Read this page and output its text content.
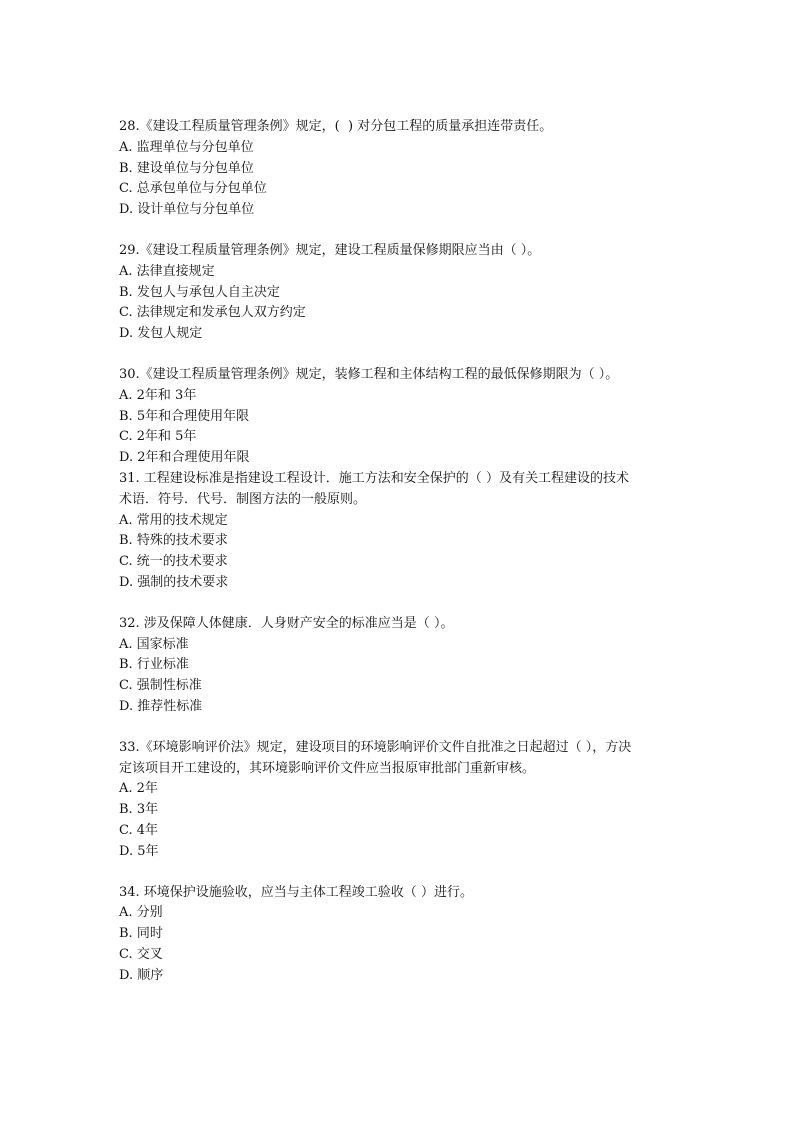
28.《建设工程质量管理条例》规定，(  ) 对分包工程的质量承担连带责任。
A. 监理单位与分包单位
B. 建设单位与分包单位
C. 总承包单位与分包单位
D. 设计单位与分包单位
29.《建设工程质量管理条例》规定，建设工程质量保修期限应当由（ ）。
A. 法律直接规定
B. 发包人与承包人自主决定
C. 法律规定和发承包人双方约定
D. 发包人规定
30.《建设工程质量管理条例》规定，装修工程和主体结构工程的最低保修期限为（ ）。
A. 2年和 3年
B. 5年和合理使用年限
C. 2年和 5年
D. 2年和合理使用年限
31. 工程建设标准是指建设工程设计．施工方法和安全保护的（ ）及有关工程建设的技术
术语．符号．代号．制图方法的一般原则。
A. 常用的技术规定
B. 特殊的技术要求
C. 统一的技术要求
D. 强制的技术要求
32. 涉及保障人体健康．人身财产安全的标准应当是（ ）。
A. 国家标准
B. 行业标准
C. 强制性标准
D. 推荐性标准
33.《环境影响评价法》规定，建设项目的环境影响评价文件自批准之日起超过（ ），方决
定该项目开工建设的，其环境影响评价文件应当报原审批部门重新审核。
A. 2年
B. 3年
C. 4年
D. 5年
34. 环境保护设施验收，应当与主体工程竣工验收（ ）进行。
A. 分别
B. 同时
C. 交叉
D. 顺序
